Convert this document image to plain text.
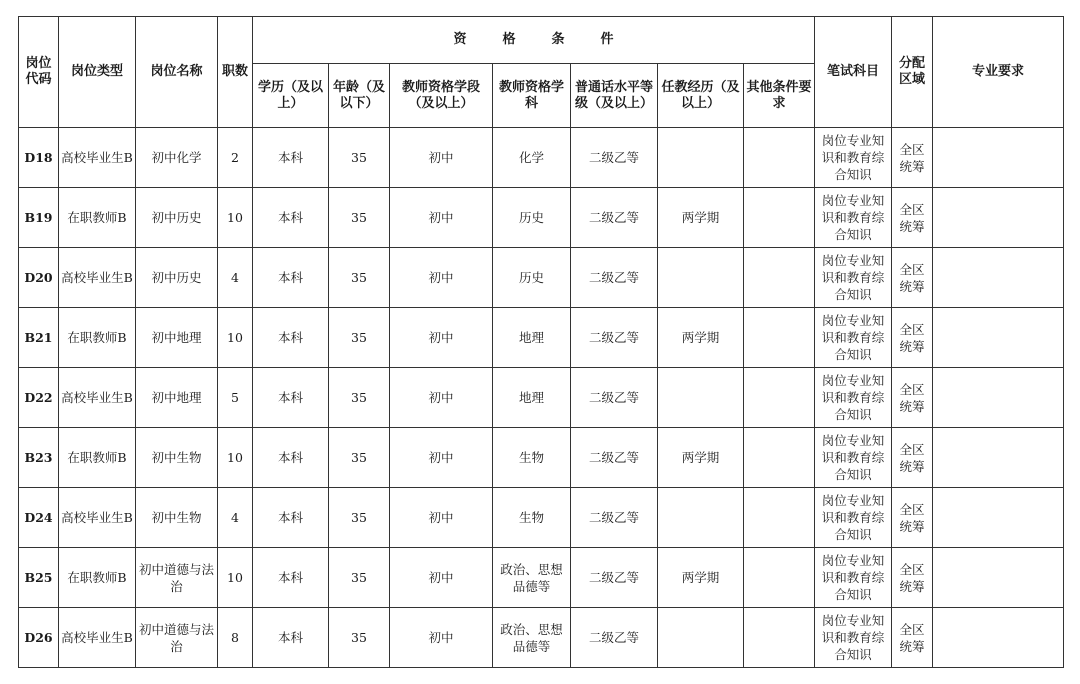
岗位代码	岗位类型	岗位名称	职数	资格条件							笔试科目	分配区域	专业要求
				学历（及以上）	年龄（及以下）	教师资格学段（及以上）	教师资格学科	普通话水平等级（及以上）	任教经历（及以上）	其他条件要求			
D18	高校毕业生B	初中化学	2	本科	35	初中	化学	二级乙等			岗位专业知识和教育综合知识	全区统筹	
B19	在职教师B	初中历史	10	本科	35	初中	历史	二级乙等	两学期		岗位专业知识和教育综合知识	全区统筹	
D20	高校毕业生B	初中历史	4	本科	35	初中	历史	二级乙等			岗位专业知识和教育综合知识	全区统筹	
B21	在职教师B	初中地理	10	本科	35	初中	地理	二级乙等	两学期		岗位专业知识和教育综合知识	全区统筹	
D22	高校毕业生B	初中地理	5	本科	35	初中	地理	二级乙等			岗位专业知识和教育综合知识	全区统筹	
B23	在职教师B	初中生物	10	本科	35	初中	生物	二级乙等	两学期		岗位专业知识和教育综合知识	全区统筹	
D24	高校毕业生B	初中生物	4	本科	35	初中	生物	二级乙等			岗位专业知识和教育综合知识	全区统筹	
B25	在职教师B	初中道德与法治	10	本科	35	初中	政治、思想品德等	二级乙等	两学期		岗位专业知识和教育综合知识	全区统筹	
D26	高校毕业生B	初中道德与法治	8	本科	35	初中	政治、思想品德等	二级乙等			岗位专业知识和教育综合知识	全区统筹	
